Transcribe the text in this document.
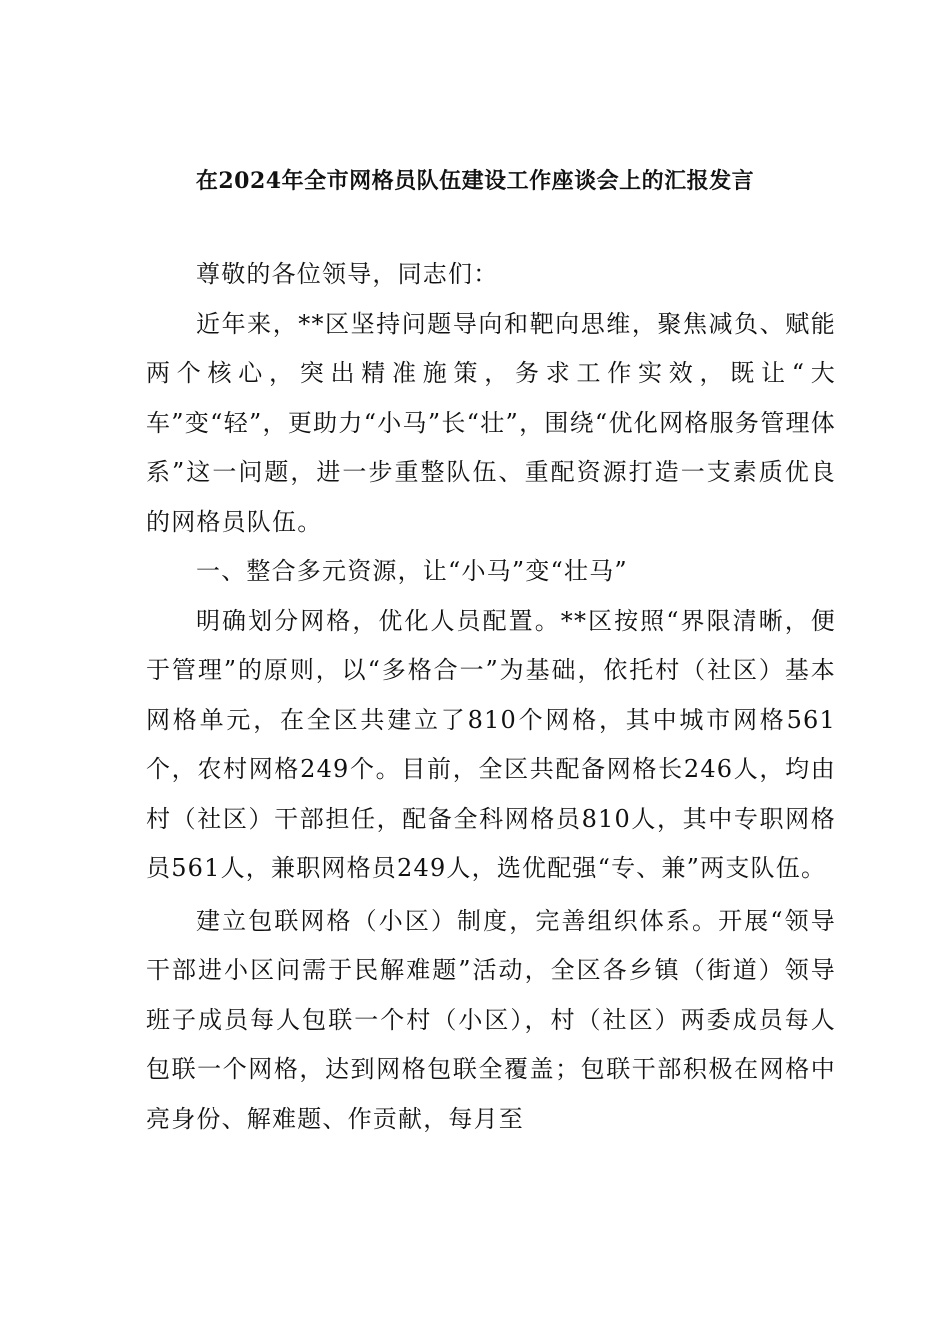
在2024年全市网格员队伍建设工作座谈会上的汇报发言

尊敬的各位领导，同志们：

近年来，**区坚持问题导向和靶向思维，聚焦减负、赋能两个核心，突出精准施策，务求工作实效，既让“大车”变“轻”，更助力“小马”长“壮”，围绕“优化网格服务管理体系”这一问题，进一步重整队伍、重配资源打造一支素质优良的网格员队伍。

一、整合多元资源，让“小马”变“壮马”

明确划分网格，优化人员配置。**区按照“界限清晰，便于管理”的原则，以“多格合一”为基础，依托村（社区）基本网格单元，在全区共建立了810个网格，其中城市网格561个，农村网格249个。目前，全区共配备网格长246人，均由村（社区）干部担任，配备全科网格员810人，其中专职网格员561人，兼职网格员249人，选优配强“专、兼”两支队伍。

建立包联网格（小区）制度，完善组织体系。开展“领导干部进小区问需于民解难题”活动，全区各乡镇（街道）领导班子成员每人包联一个村（小区），村（社区）两委成员每人包联一个网格，达到网格包联全覆盖；包联干部积极在网格中亮身份、解难题、作贡献，每月至
